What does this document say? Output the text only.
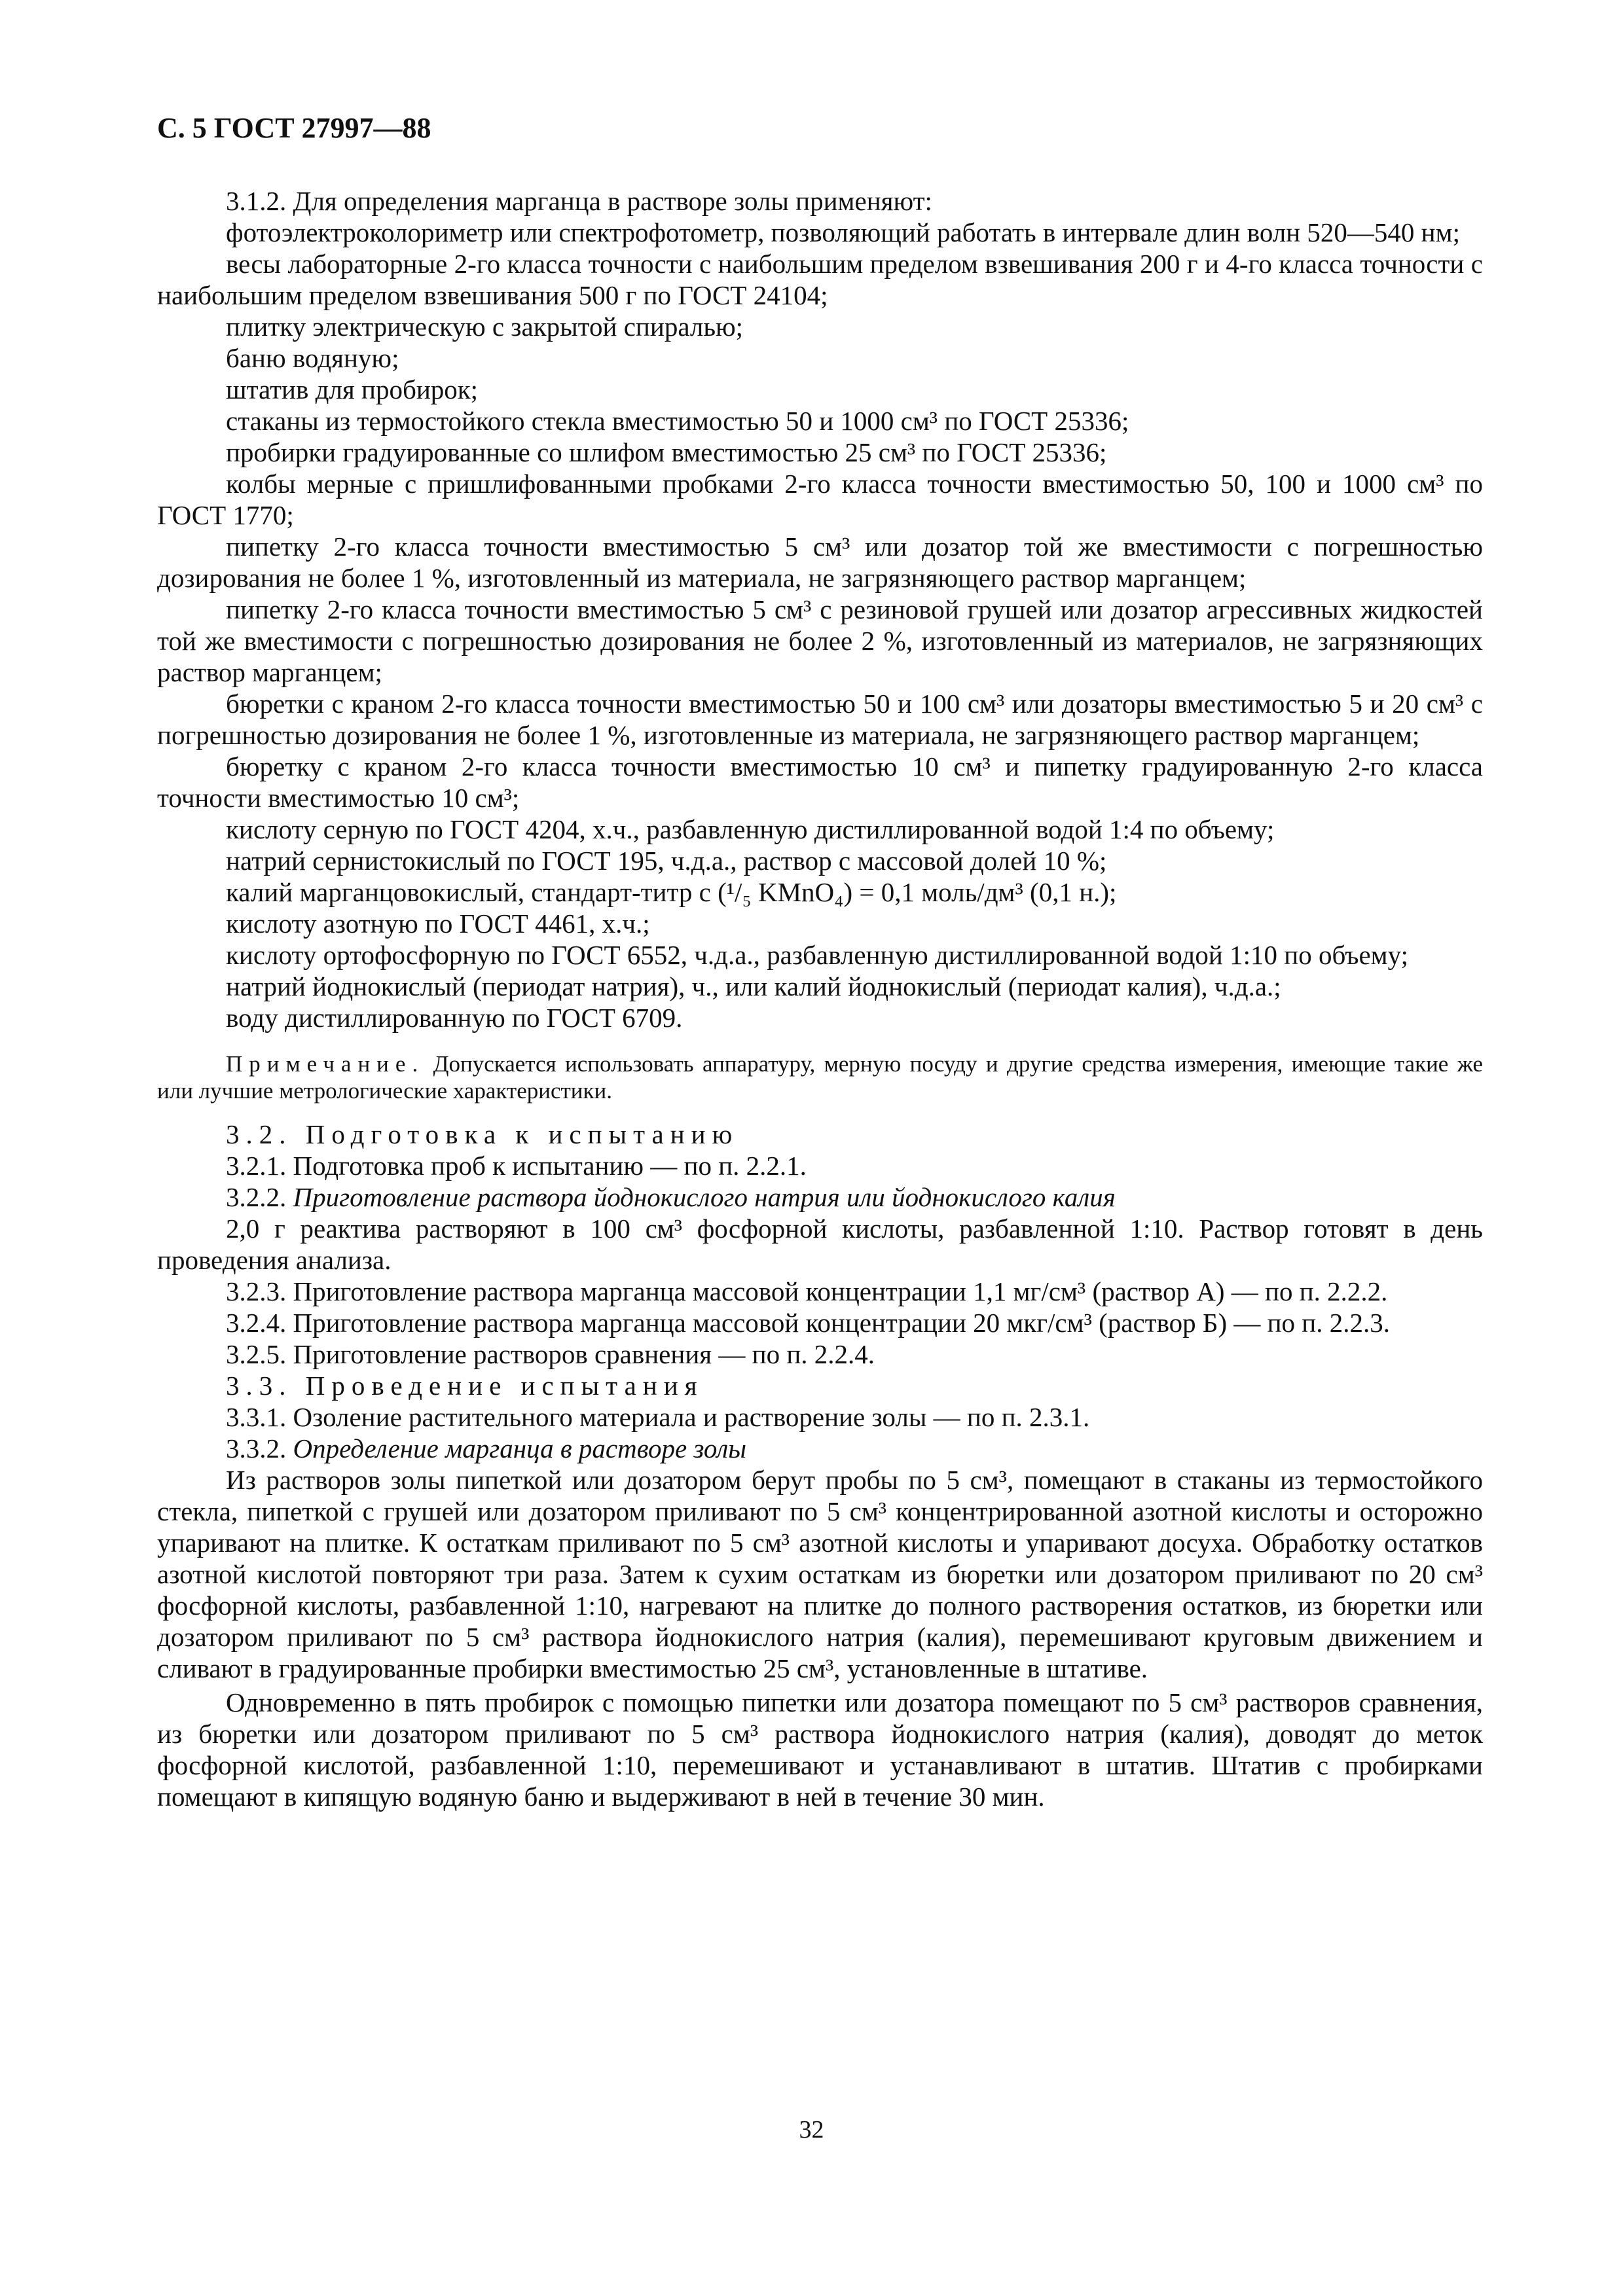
С. 5 ГОСТ 27997—88

3.1.2. Для определения марганца в растворе золы применяют:

фотоэлектроколориметр или спектрофотометр, позволяющий работать в интервале длин волн 520—540 нм;

весы лабораторные 2-го класса точности с наибольшим пределом взвешивания 200 г и 4-го класса точности с наибольшим пределом взвешивания 500 г по ГОСТ 24104;

плитку электрическую с закрытой спиралью;

баню водяную;

штатив для пробирок;

стаканы из термостойкого стекла вместимостью 50 и 1000 см³ по ГОСТ 25336;

пробирки градуированные со шлифом вместимостью 25 см³ по ГОСТ 25336;

колбы мерные с пришлифованными пробками 2-го класса точности вместимостью 50, 100 и 1000 см³ по ГОСТ 1770;

пипетку 2-го класса точности вместимостью 5 см³ или дозатор той же вместимости с погрешностью дозирования не более 1 %, изготовленный из материала, не загрязняющего раствор марганцем;

пипетку 2-го класса точности вместимостью 5 см³ с резиновой грушей или дозатор агрессивных жидкостей той же вместимости с погрешностью дозирования не более 2 %, изготовленный из материалов, не загрязняющих раствор марганцем;

бюретки с краном 2-го класса точности вместимостью 50 и 100 см³ или дозаторы вместимостью 5 и 20 см³ с погрешностью дозирования не более 1 %, изготовленные из материала, не загрязняющего раствор марганцем;

бюретку с краном 2-го класса точности вместимостью 10 см³ и пипетку градуированную 2-го класса точности вместимостью 10 см³;

кислоту серную по ГОСТ 4204, х.ч., разбавленную дистиллированной водой 1:4 по объему;

натрий сернистокислый по ГОСТ 195, ч.д.а., раствор с массовой долей 10 %;

калий марганцовокислый, стандарт-титр c (¹/₅ KMnO₄) = 0,1 моль/дм³ (0,1 н.);

кислоту азотную по ГОСТ 4461, х.ч.;

кислоту ортофосфорную по ГОСТ 6552, ч.д.а., разбавленную дистиллированной водой 1:10 по объему;

натрий йоднокислый (периодат натрия), ч., или калий йоднокислый (периодат калия), ч.д.а.;

воду дистиллированную по ГОСТ 6709.

Примечание. Допускается использовать аппаратуру, мерную посуду и другие средства измерения, имеющие такие же или лучшие метрологические характеристики.

3.2. Подготовка к испытанию

3.2.1. Подготовка проб к испытанию — по п. 2.2.1.

3.2.2. Приготовление раствора йоднокислого натрия или йоднокислого калия

2,0 г реактива растворяют в 100 см³ фосфорной кислоты, разбавленной 1:10. Раствор готовят в день проведения анализа.

3.2.3. Приготовление раствора марганца массовой концентрации 1,1 мг/см³ (раствор А) — по п. 2.2.2.

3.2.4. Приготовление раствора марганца массовой концентрации 20 мкг/см³ (раствор Б) — по п. 2.2.3.

3.2.5. Приготовление растворов сравнения — по п. 2.2.4.

3.3. Проведение испытания

3.3.1. Озоление растительного материала и растворение золы — по п. 2.3.1.

3.3.2. Определение марганца в растворе золы

Из растворов золы пипеткой или дозатором берут пробы по 5 см³, помещают в стаканы из термостойкого стекла, пипеткой с грушей или дозатором приливают по 5 см³ концентрированной азотной кислоты и осторожно упаривают на плитке. К остаткам приливают по 5 см³ азотной кислоты и упаривают досуха. Обработку остатков азотной кислотой повторяют три раза. Затем к сухим остаткам из бюретки или дозатором приливают по 20 см³ фосфорной кислоты, разбавленной 1:10, нагревают на плитке до полного растворения остатков, из бюретки или дозатором приливают по 5 см³ раствора йоднокислого натрия (калия), перемешивают круговым движением и сливают в градуированные пробирки вместимостью 25 см³, установленные в штативе.

Одновременно в пять пробирок с помощью пипетки или дозатора помещают по 5 см³ растворов сравнения, из бюретки или дозатором приливают по 5 см³ раствора йоднокислого натрия (калия), доводят до меток фосфорной кислотой, разбавленной 1:10, перемешивают и устанавливают в штатив. Штатив с пробирками помещают в кипящую водяную баню и выдерживают в ней в течение 30 мин.

32
